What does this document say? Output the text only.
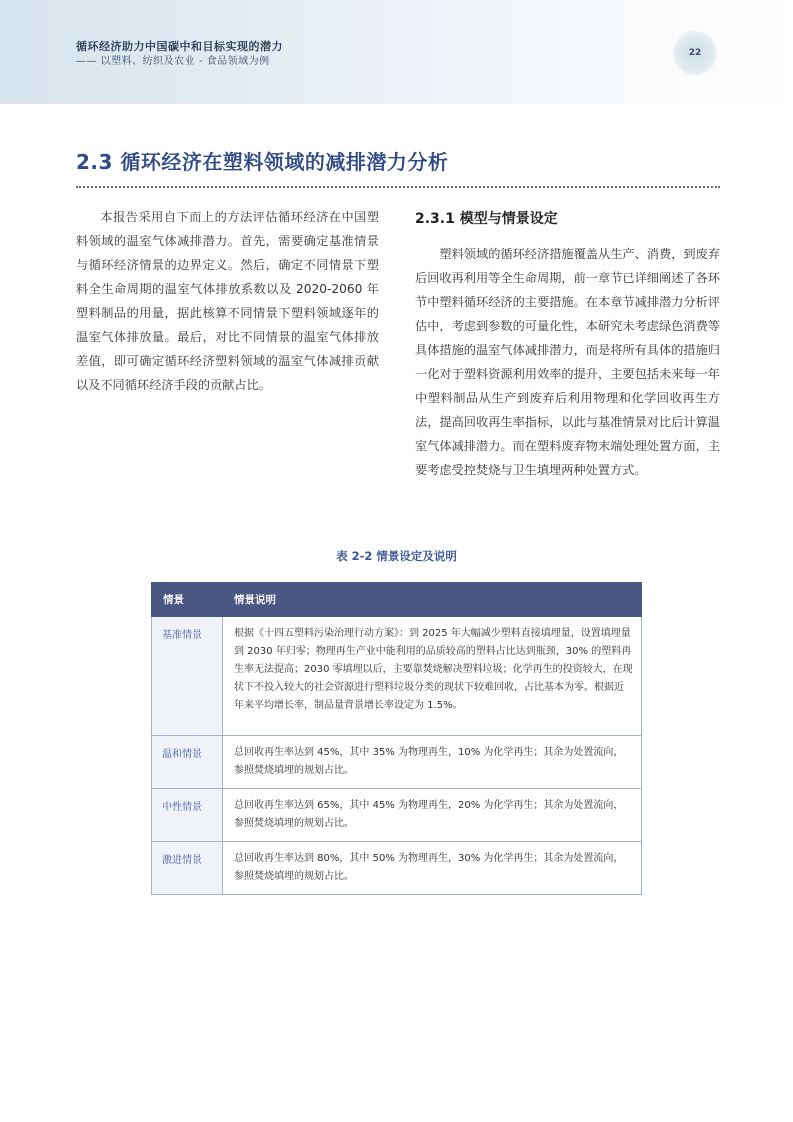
循环经济助力中国碳中和目标实现的潜力
—— 以塑料、纺织及农业 - 食品领域为例
22
2.3 循环经济在塑料领域的减排潜力分析

本报告采用自下而上的方法评估循环经济在中国塑料领域的温室气体减排潜力。首先，需要确定基准情景与循环经济情景的边界定义。然后，确定不同情景下塑料全生命周期的温室气体排放系数以及 2020-2060 年塑料制品的用量，据此核算不同情景下塑料领域逐年的温室气体排放量。最后，对比不同情景的温室气体排放差值，即可确定循环经济塑料领域的温室气体减排贡献以及不同循环经济手段的贡献占比。

2.3.1 模型与情景设定

塑料领域的循环经济措施覆盖从生产、消费，到废弃后回收再利用等全生命周期，前一章节已详细阐述了各环节中塑料循环经济的主要措施。在本章节减排潜力分析评估中，考虑到参数的可量化性，本研究未考虑绿色消费等具体措施的温室气体减排潜力，而是将所有具体的措施归一化对于塑料资源利用效率的提升，主要包括未来每一年中塑料制品从生产到废弃后利用物理和化学回收再生方法，提高回收再生率指标，以此与基准情景对比后计算温室气体减排潜力。而在塑料废弃物末端处理处置方面，主要考虑受控焚烧与卫生填埋两种处置方式。

表 2-2 情景设定及说明
情景	情景说明
基准情景	根据《十四五塑料污染治理行动方案》：到 2025 年大幅减少塑料直接填埋量，设置填埋量到 2030 年归零；物理再生产业中能利用的品质较高的塑料占比达到瓶颈，30% 的塑料再生率无法提高；2030 零填埋以后，主要靠焚烧解决塑料垃圾；化学再生的投资较大，在现状下不投入较大的社会资源进行塑料垃圾分类的现状下较难回收，占比基本为零。根据近年来平均增长率，制品量背景增长率设定为 1.5%。
温和情景	总回收再生率达到 45%，其中 35% 为物理再生，10% 为化学再生；其余为处置流向，参照焚烧填埋的规划占比。
中性情景	总回收再生率达到 65%，其中 45% 为物理再生，20% 为化学再生；其余为处置流向，参照焚烧填埋的规划占比。
激进情景	总回收再生率达到 80%，其中 50% 为物理再生，30% 为化学再生；其余为处置流向，参照焚烧填埋的规划占比。
